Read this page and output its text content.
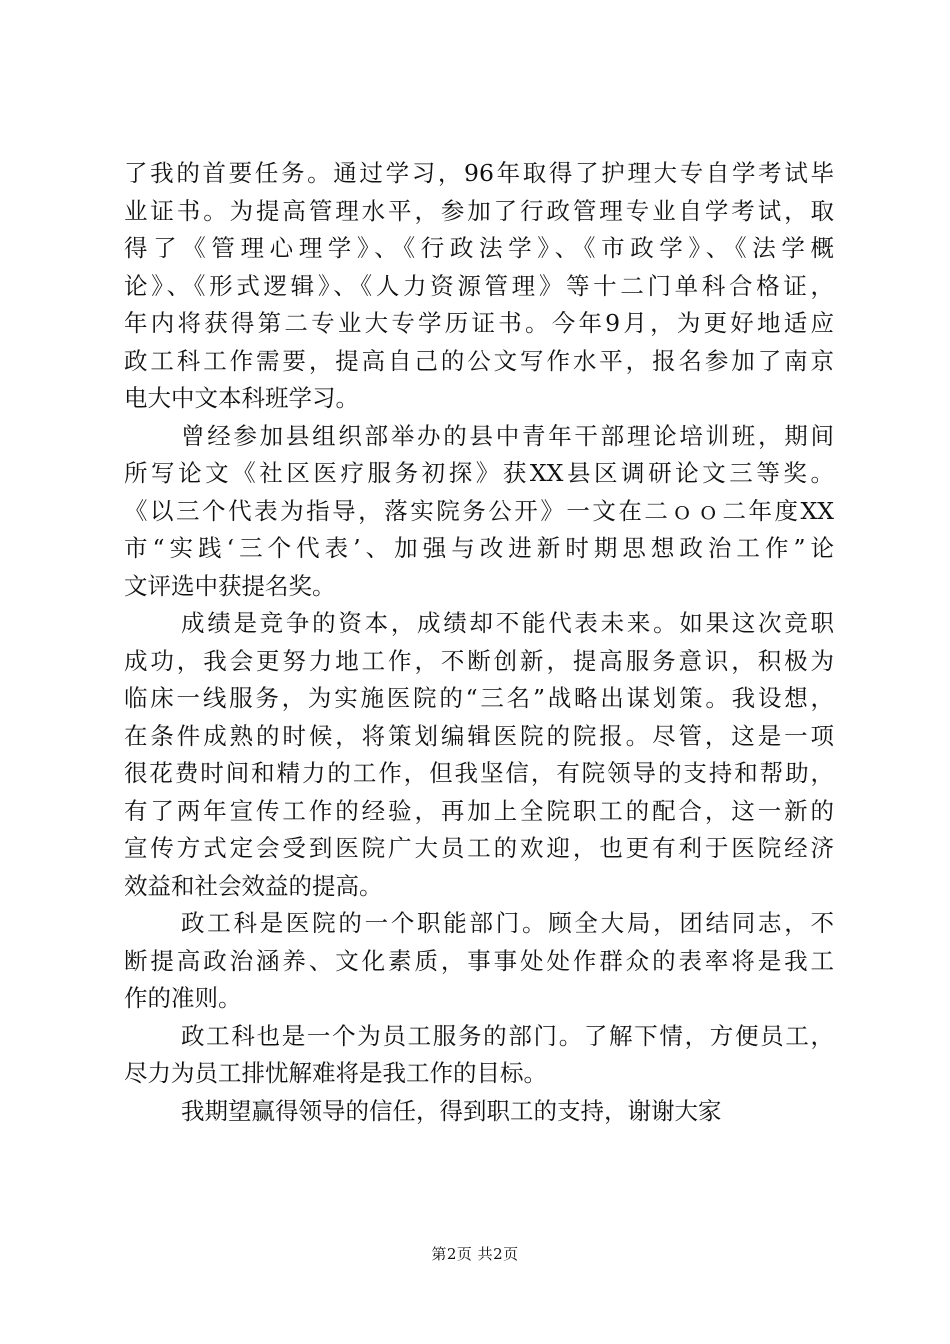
了我的首要任务。通过学习，96年取得了护理大专自学考试毕
业证书。为提高管理水平，参加了行政管理专业自学考试，取
得了《管理心理学》、《行政法学》、《市政学》、《法学概
论》、《形式逻辑》、《人力资源管理》等十二门单科合格证，
年内将获得第二专业大专学历证书。今年9月，为更好地适应
政工科工作需要，提高自己的公文写作水平，报名参加了南京
电大中文本科班学习。
曾经参加县组织部举办的县中青年干部理论培训班，期间
所写论文《社区医疗服务初探》获XX县区调研论文三等奖。
《以三个代表为指导，落实院务公开》一文在二ｏｏ二年度XX
市“实践‘三个代表’、加强与改进新时期思想政治工作”论
文评选中获提名奖。
成绩是竞争的资本，成绩却不能代表未来。如果这次竞职
成功，我会更努力地工作，不断创新，提高服务意识，积极为
临床一线服务，为实施医院的“三名”战略出谋划策。我设想，
在条件成熟的时候，将策划编辑医院的院报。尽管，这是一项
很花费时间和精力的工作，但我坚信，有院领导的支持和帮助，
有了两年宣传工作的经验，再加上全院职工的配合，这一新的
宣传方式定会受到医院广大员工的欢迎，也更有利于医院经济
效益和社会效益的提高。
政工科是医院的一个职能部门。顾全大局，团结同志，不
断提高政治涵养、文化素质，事事处处作群众的表率将是我工
作的准则。
政工科也是一个为员工服务的部门。了解下情，方便员工，
尽力为员工排忧解难将是我工作的目标。
我期望赢得领导的信任，得到职工的支持，谢谢大家
第2页 共2页
